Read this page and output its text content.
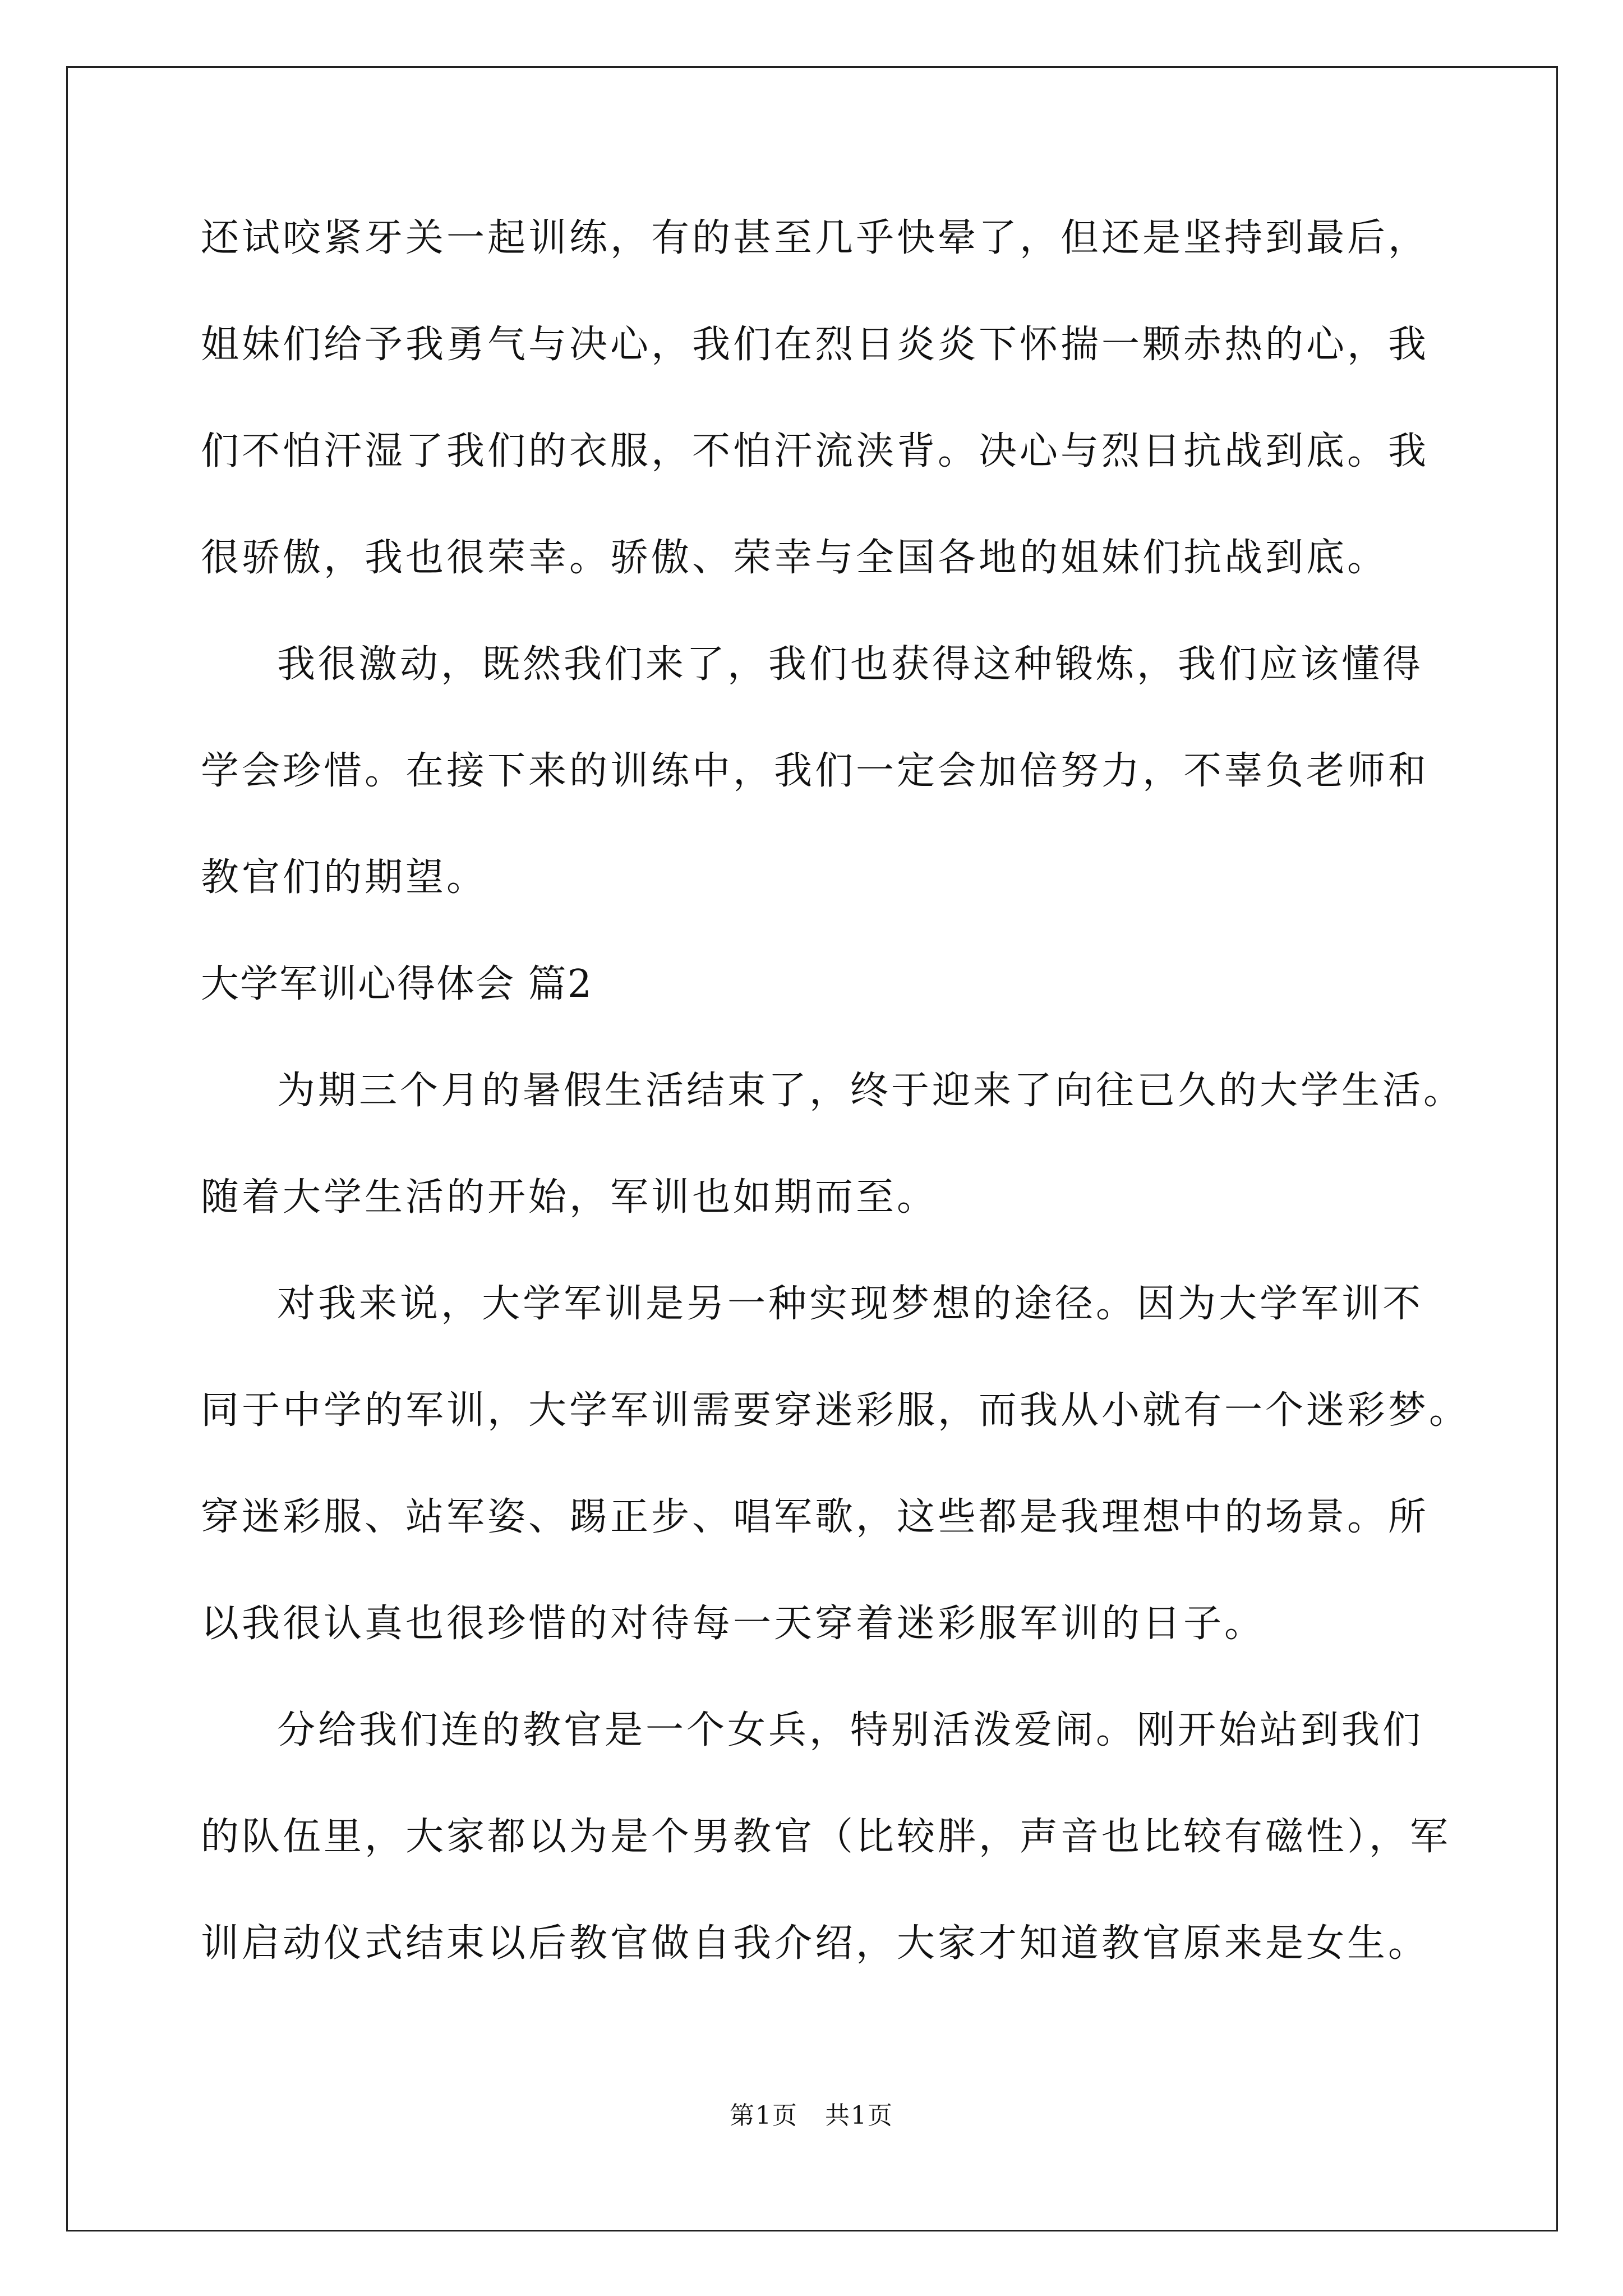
还试咬紧牙关一起训练，有的甚至几乎快晕了，但还是坚持到最后，
姐妹们给予我勇气与决心，我们在烈日炎炎下怀揣一颗赤热的心，我
们不怕汗湿了我们的衣服，不怕汗流浃背。决心与烈日抗战到底。我
很骄傲，我也很荣幸。骄傲、荣幸与全国各地的姐妹们抗战到底。
我很激动，既然我们来了，我们也获得这种锻炼，我们应该懂得
学会珍惜。在接下来的训练中，我们一定会加倍努力，不辜负老师和
教官们的期望。
大学军训心得体会 篇2
为期三个月的暑假生活结束了，终于迎来了向往已久的大学生活。
随着大学生活的开始，军训也如期而至。
对我来说，大学军训是另一种实现梦想的途径。因为大学军训不
同于中学的军训，大学军训需要穿迷彩服，而我从小就有一个迷彩梦。
穿迷彩服、站军姿、踢正步、唱军歌，这些都是我理想中的场景。所
以我很认真也很珍惜的对待每一天穿着迷彩服军训的日子。
分给我们连的教官是一个女兵，特别活泼爱闹。刚开始站到我们
的队伍里，大家都以为是个男教官（比较胖，声音也比较有磁性），军
训启动仪式结束以后教官做自我介绍，大家才知道教官原来是女生。
第1页   共1页
